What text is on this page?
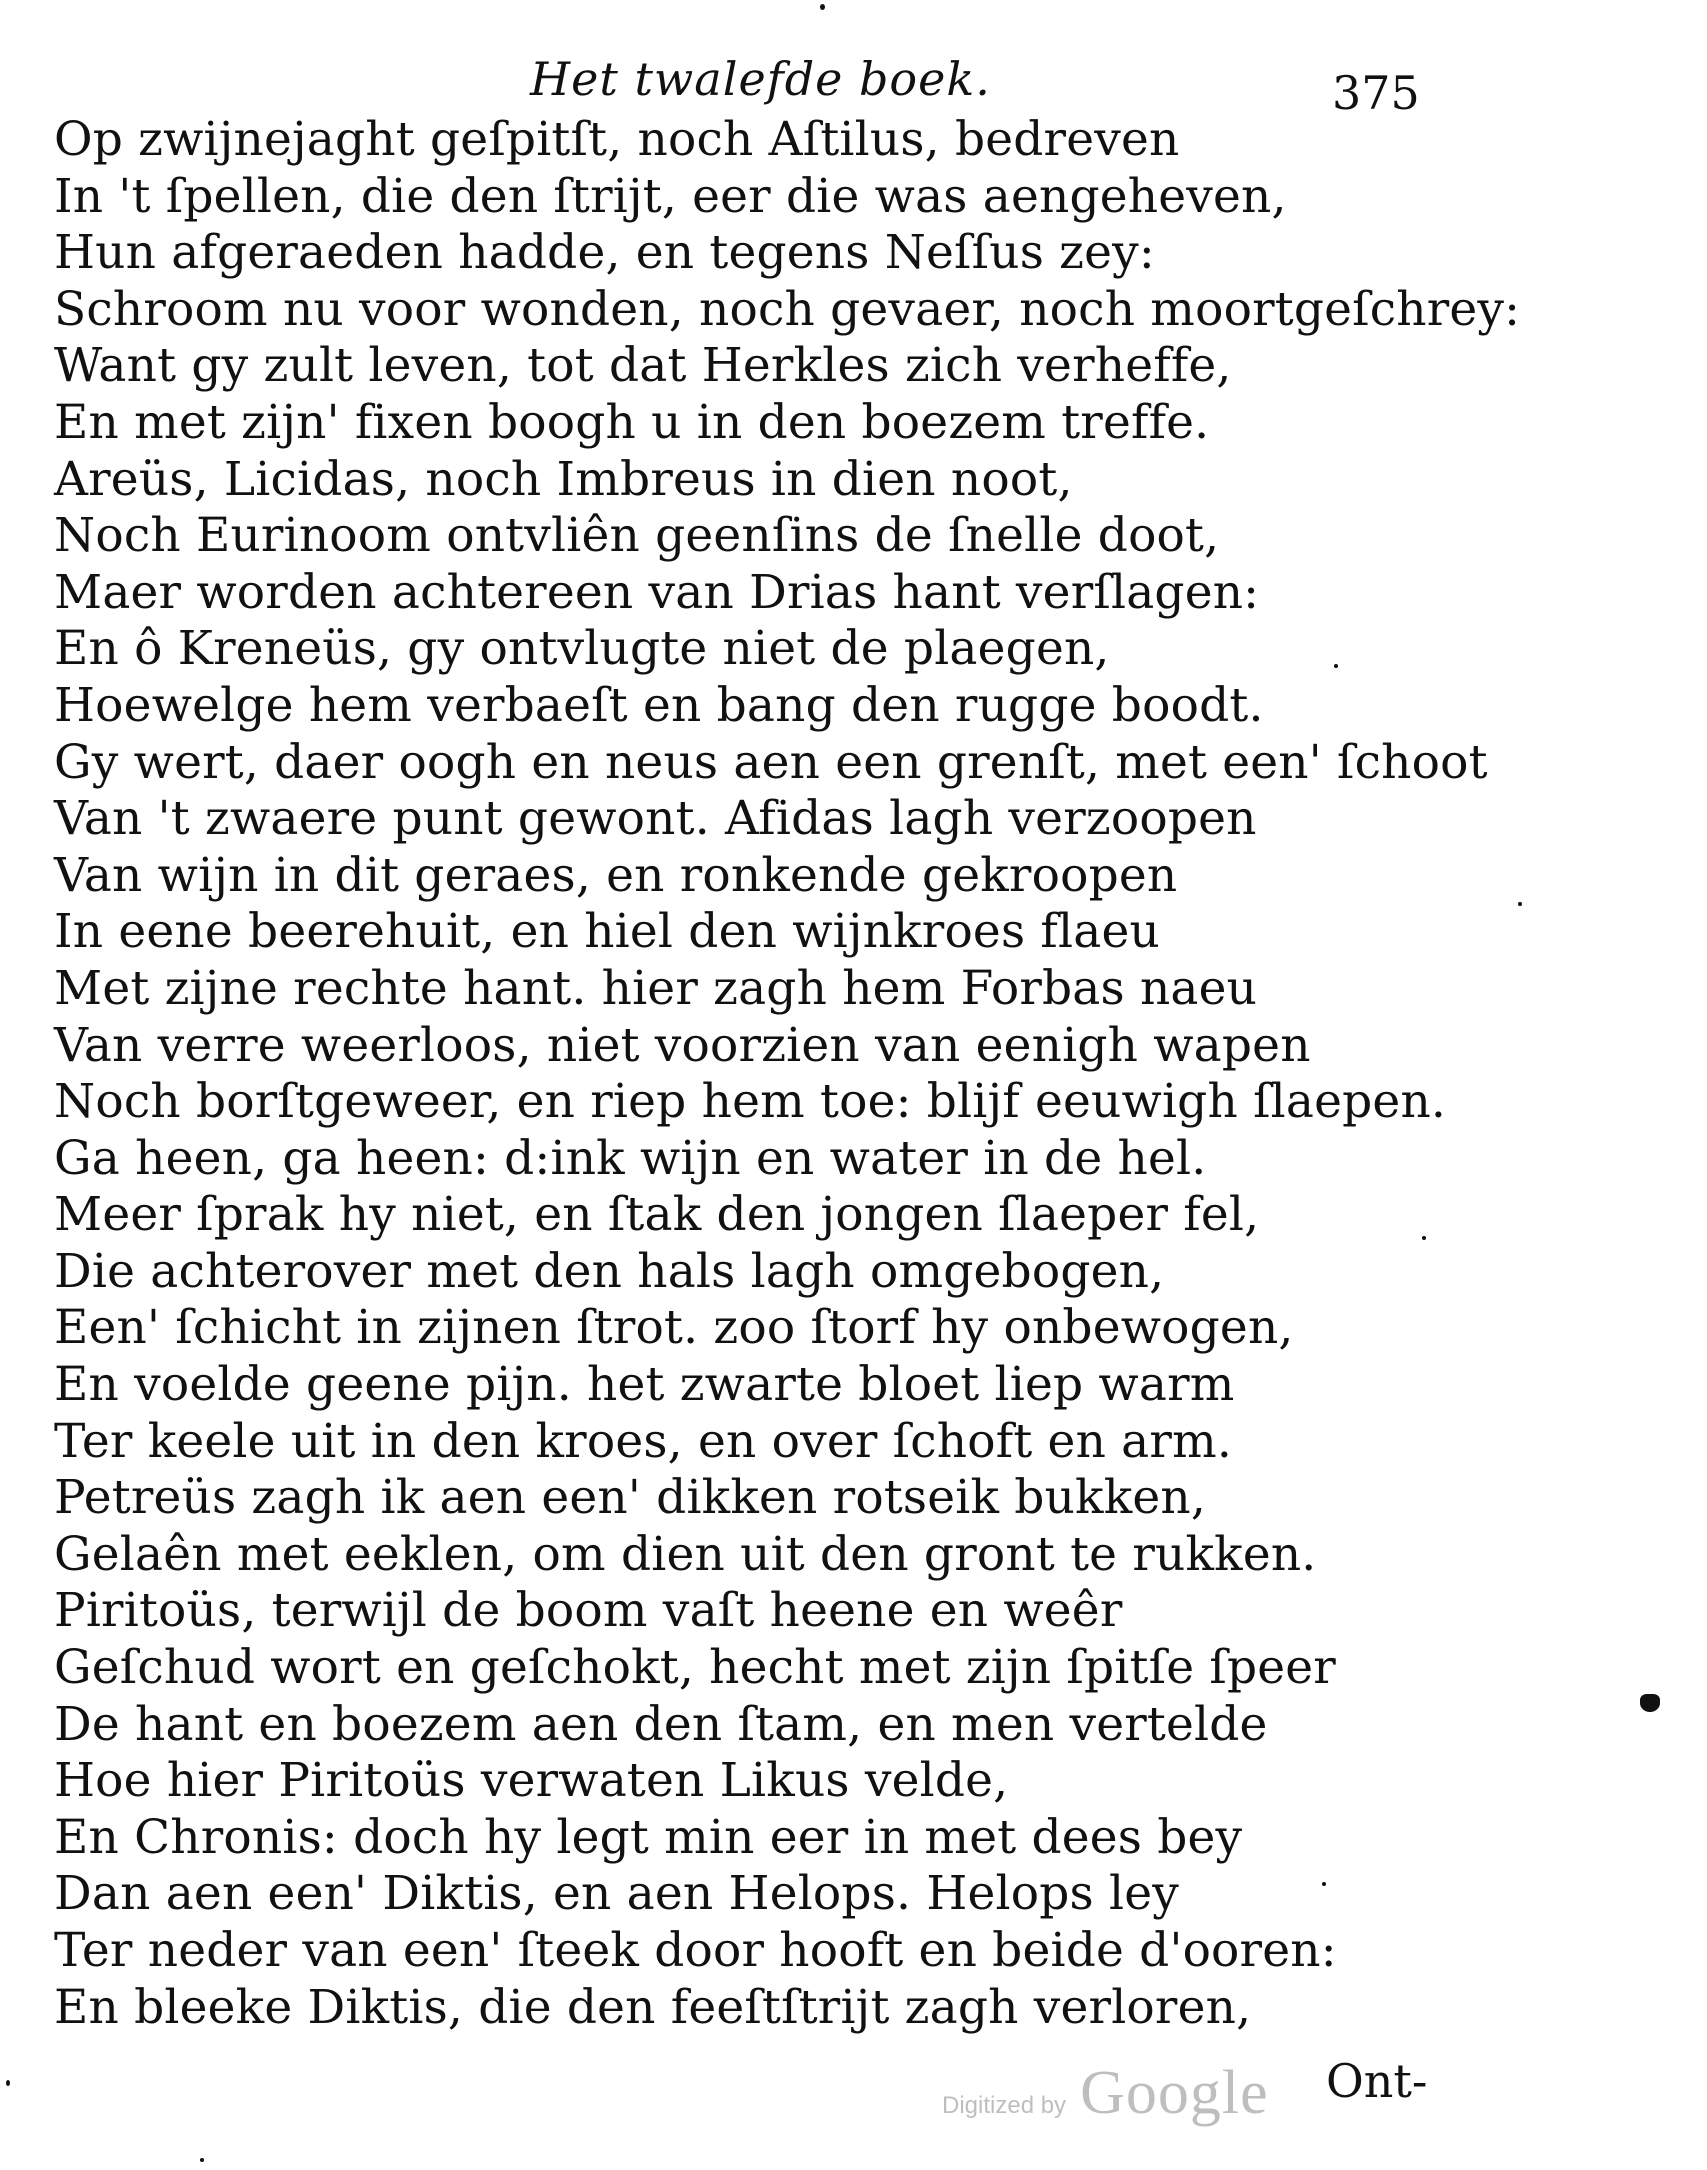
Het twalefde boek.	375
Op zwijnejaght geſpitſt, noch Aſtilus, bedreven
In 't ſpellen, die den ſtrijt, eer die was aengeheven,
Hun afgeraeden hadde, en tegens Neſſus zey:
Schroom nu voor wonden, noch gevaer, noch moortgeſchrey:
Want gy zult leven, tot dat Herkles zich verheffe,
En met zijn' fixen boogh u in den boezem treffe.
Areüs, Licidas, noch Imbreus in dien noot,
Noch Eurinoom ontvliên geenſins de ſnelle doot,
Maer worden achtereen van Drias hant verſlagen:
En ô Kreneüs, gy ontvlugte niet de plaegen,
Hoewelge hem verbaeſt en bang den rugge boodt.
Gy wert, daer oogh en neus aen een grenſt, met een' ſchoot
Van 't zwaere punt gewont. Afidas lagh verzoopen
Van wijn in dit geraes, en ronkende gekroopen
In eene beerehuit, en hiel den wijnkroes flaeu
Met zijne rechte hant. hier zagh hem Forbas naeu
Van verre weerloos, niet voorzien van eenigh wapen
Noch borſtgeweer, en riep hem toe: blijf eeuwigh ſlaepen.
Ga heen, ga heen: d:ink wijn en water in de hel.
Meer ſprak hy niet, en ſtak den jongen ſlaeper fel,
Die achterover met den hals lagh omgebogen,
Een' ſchicht in zijnen ſtrot. zoo ſtorf hy onbewogen,
En voelde geene pijn. het zwarte bloet liep warm
Ter keele uit in den kroes, en over ſchoft en arm.
Petreüs zagh ik aen een' dikken rotseik bukken,
Gelaên met eeklen, om dien uit den gront te rukken.
Piritoüs, terwijl de boom vaſt heene en weêr
Geſchud wort en geſchokt, hecht met zijn ſpitſe ſpeer
De hant en boezem aen den ſtam, en men vertelde
Hoe hier Piritoüs verwaten Likus velde,
En Chronis: doch hy legt min eer in met dees bey
Dan aen een' Diktis, en aen Helops. Helops ley
Ter neder van een' ſteek door hooft en beide d'ooren:
En bleeke Diktis, die den feeſtſtrijt zagh verloren,
Digitized by Google Ont-
